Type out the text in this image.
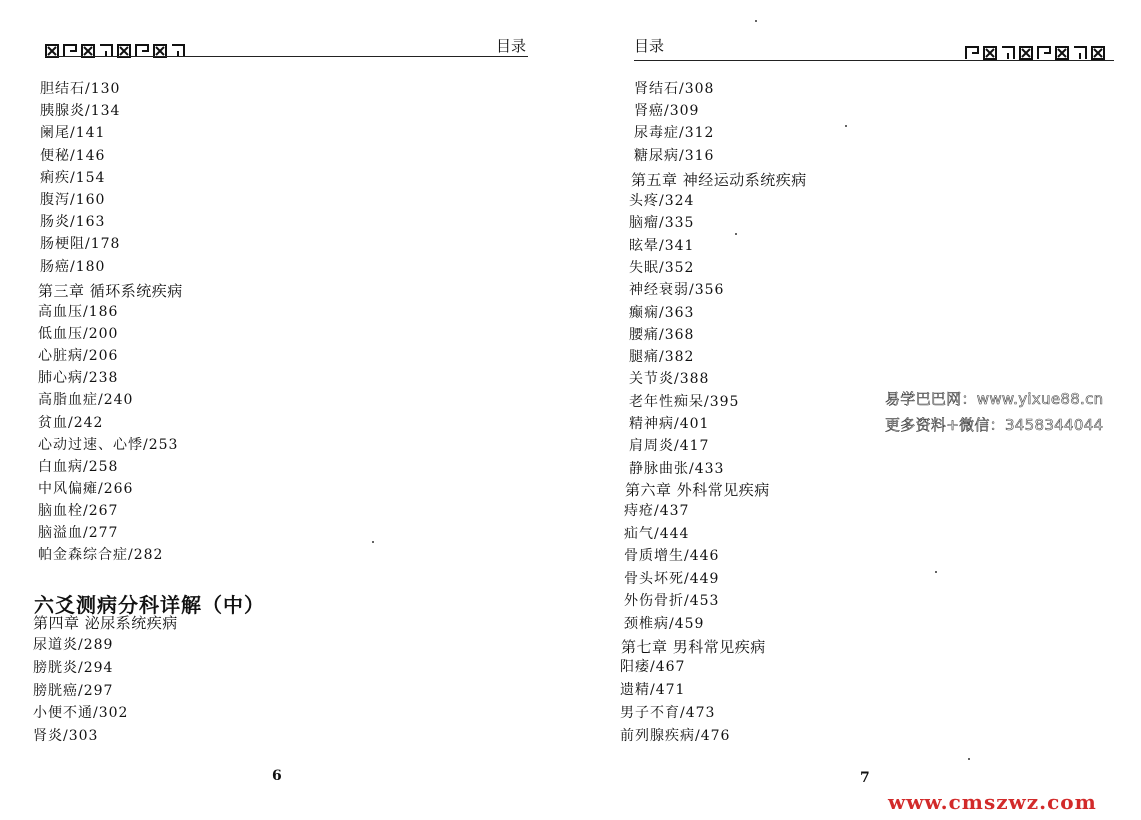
目录
胆结石/130
胰腺炎/134
阑尾/141
便秘/146
痢疾/154
腹泻/160
肠炎/163
肠梗阻/178
肠癌/180
第三章 循环系统疾病
高血压/186
低血压/200
心脏病/206
肺心病/238
高脂血症/240
贫血/242
心动过速、心悸/253
白血病/258
中风偏瘫/266
脑血栓/267
脑溢血/277
帕金森综合症/282
六爻测病分科详解（中）
第四章 泌尿系统疾病
尿道炎/289
膀胱炎/294
膀胱癌/297
小便不通/302
肾炎/303
6
目录
肾结石/308
肾癌/309
尿毒症/312
糖尿病/316
第五章 神经运动系统疾病
头疼/324
脑瘤/335
眩晕/341
失眠/352
神经衰弱/356
癫痫/363
腰痛/368
腿痛/382
关节炎/388
老年性痴呆/395
精神病/401
肩周炎/417
静脉曲张/433
第六章 外科常见疾病
痔疮/437
疝气/444
骨质增生/446
骨头坏死/449
外伤骨折/453
颈椎病/459
第七章 男科常见疾病
阳痿/467
遗精/471
男子不育/473
前列腺疾病/476
7
易学巴巴网：www.yixue88.cn
更多资料+微信：3458344044
www.cmszwz.com
